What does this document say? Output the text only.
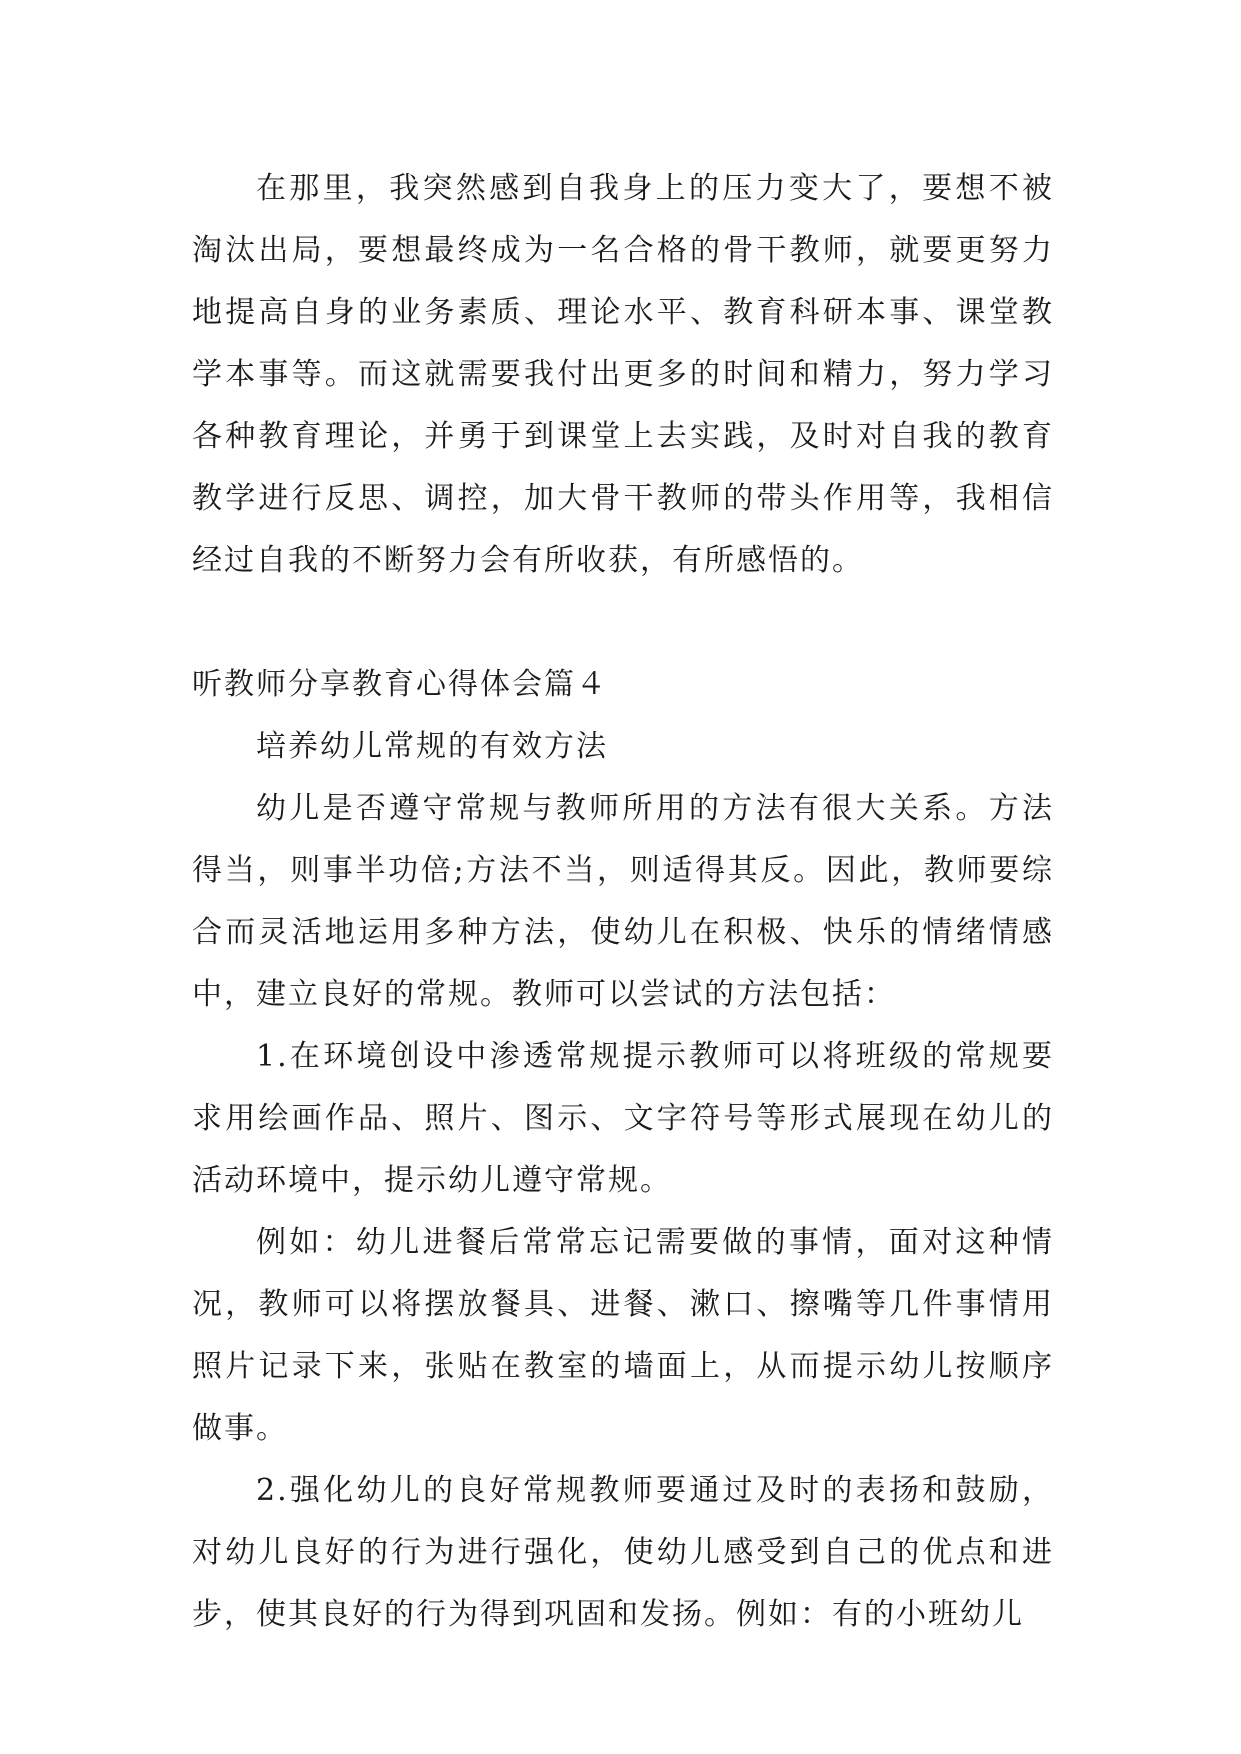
在那里，我突然感到自我身上的压力变大了，要想不被淘汰出局，要想最终成为一名合格的骨干教师，就要更努力地提高自身的业务素质、理论水平、教育科研本事、课堂教学本事等。而这就需要我付出更多的时间和精力，努力学习各种教育理论，并勇于到课堂上去实践，及时对自我的教育教学进行反思、调控，加大骨干教师的带头作用等，我相信经过自我的不断努力会有所收获，有所感悟的。

听教师分享教育心得体会篇４

培养幼儿常规的有效方法

幼儿是否遵守常规与教师所用的方法有很大关系。方法得当，则事半功倍;方法不当，则适得其反。因此，教师要综合而灵活地运用多种方法，使幼儿在积极、快乐的情绪情感中，建立良好的常规。教师可以尝试的方法包括：

1.在环境创设中渗透常规提示教师可以将班级的常规要求用绘画作品、照片、图示、文字符号等形式展现在幼儿的活动环境中，提示幼儿遵守常规。

例如：幼儿进餐后常常忘记需要做的事情，面对这种情况，教师可以将摆放餐具、进餐、漱口、擦嘴等几件事情用照片记录下来，张贴在教室的墙面上，从而提示幼儿按顺序做事。

2.强化幼儿的良好常规教师要通过及时的表扬和鼓励，对幼儿良好的行为进行强化，使幼儿感受到自己的优点和进步，使其良好的行为得到巩固和发扬。例如：有的小班幼儿
